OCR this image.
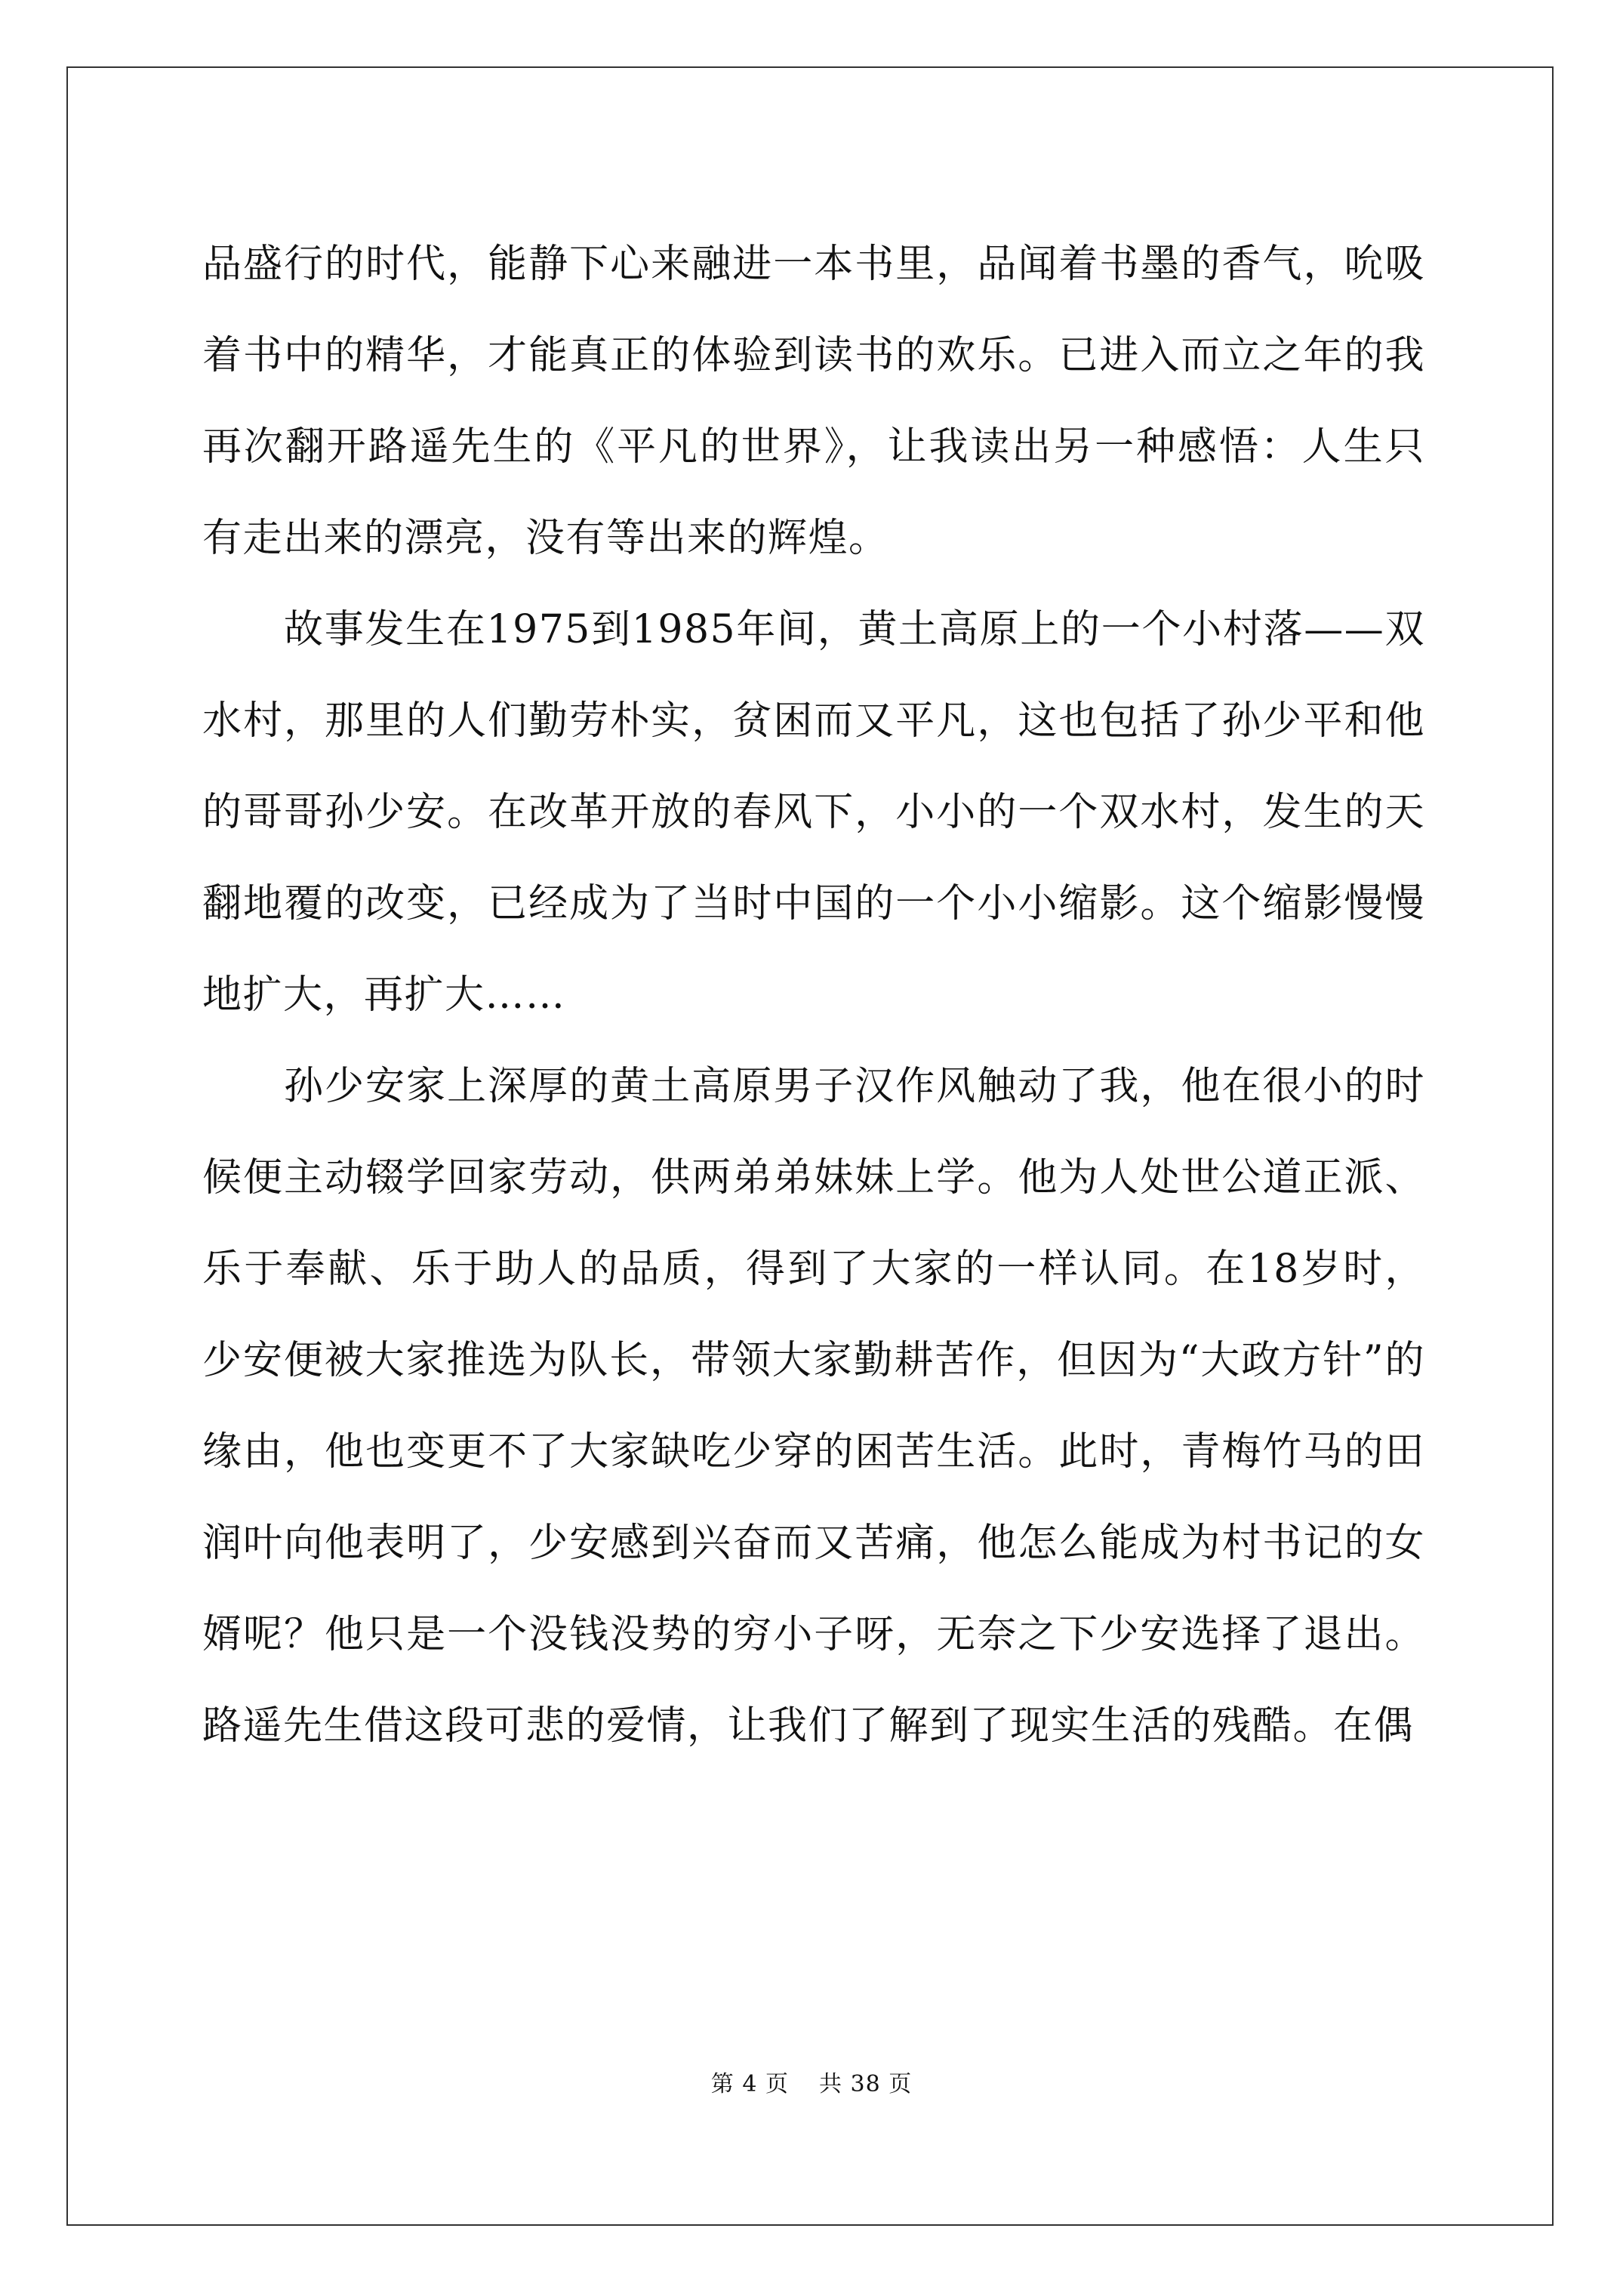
品盛行的时代，能静下心来融进一本书里，品闻着书墨的香气，吮吸着书中的精华，才能真正的体验到读书的欢乐。已进入而立之年的我再次翻开路遥先生的《平凡的世界》，让我读出另一种感悟：人生只有走出来的漂亮，没有等出来的辉煌。

故事发生在1975到1985年间，黄土高原上的一个小村落——双水村，那里的人们勤劳朴实，贫困而又平凡，这也包括了孙少平和他的哥哥孙少安。在改革开放的春风下，小小的一个双水村，发生的天翻地覆的改变，已经成为了当时中国的一个小小缩影。这个缩影慢慢地扩大，再扩大……

孙少安家上深厚的黄土高原男子汉作风触动了我，他在很小的时候便主动辍学回家劳动，供两弟弟妹妹上学。他为人处世公道正派、乐于奉献、乐于助人的品质，得到了大家的一样认同。在18岁时，少安便被大家推选为队长，带领大家勤耕苦作，但因为“大政方针”的缘由，他也变更不了大家缺吃少穿的困苦生活。此时，青梅竹马的田润叶向他表明了，少安感到兴奋而又苦痛，他怎么能成为村书记的女婿呢？他只是一个没钱没势的穷小子呀，无奈之下少安选择了退出。路遥先生借这段可悲的爱情，让我们了解到了现实生活的残酷。在偶

第 4 页 共 38 页
